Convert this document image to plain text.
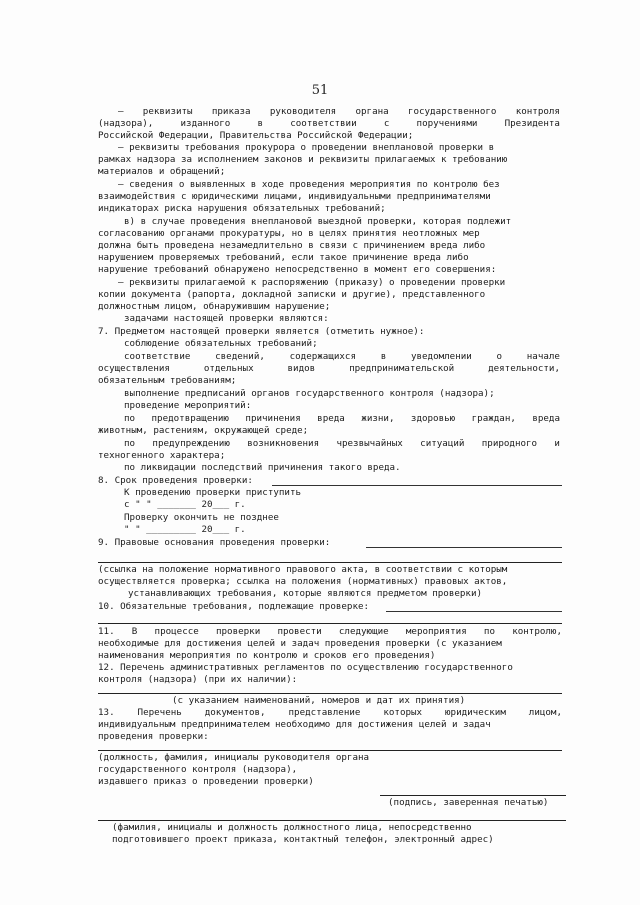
51
– реквизиты приказа руководителя органа государственного контроля
(надзора),	изданного	в	соответствии	с	поручениями	Президента
Российской Федерации, Правительства Российской Федерации;
– реквизиты требования прокурора о проведении внеплановой проверки в
рамках надзора за исполнением законов и реквизиты прилагаемых к требованию
материалов и обращений;
– сведения о выявленных в ходе проведения мероприятия по контролю без
взаимодействия с юридическими лицами, индивидуальными предпринимателями
индикаторах риска нарушения обязательных требований;
в) в случае проведения внеплановой выездной проверки, которая подлежит
согласованию органами прокуратуры, но в целях принятия неотложных мер
должна быть проведена незамедлительно в связи с причинением вреда либо
нарушением проверяемых требований, если такое причинение вреда либо
нарушение требований обнаружено непосредственно в момент его совершения:
– реквизиты прилагаемой к распоряжению (приказу) о проведении проверки
копии документа (рапорта, докладной записки и другие), представленного
должностным лицом, обнаружившим нарушение;
задачами настоящей проверки являются:
7. Предметом настоящей проверки является (отметить нужное):
соблюдение обязательных требований;
соответствие	сведений,	содержащихся	в	уведомлении	о	начале
осуществления	отдельных	видов	предпринимательской	деятельности,
обязательным требованиям;
выполнение предписаний органов государственного контроля (надзора);
проведение мероприятий:
по предотвращению причинения вреда жизни, здоровью граждан, вреда
животным, растениям, окружающей среде;
по предупреждению возникновения чрезвычайных ситуаций природного и
техногенного характера;
по ликвидации последствий причинения такого вреда.
8. Срок проведения проверки:
К проведению проверки приступить
с " " _______ 20___ г.
Проверку окончить не позднее
" " _________ 20___ г.
9. Правовые основания проведения проверки:
(ссылка на положение нормативного правового акта, в соответствии с которым
осуществляется проверка; ссылка на положения (нормативных) правовых актов,
устанавливающих требования, которые являются предметом проверки)
10. Обязательные требования, подлежащие проверке:
11. В процессе проверки провести следующие мероприятия по контролю,
необходимые для достижения целей и задач проведения проверки (с указанием
наименования мероприятия по контролю и сроков его проведения)
12. Перечень административных регламентов по осуществлению государственного
контроля (надзора) (при их наличии):
(с указанием наименований, номеров и дат их принятия)
13. Перечень документов, представление которых юридическим лицом,
индивидуальным предпринимателем необходимо для достижения целей и задач
проведения проверки:
(должность, фамилия, инициалы руководителя органа
государственного контроля (надзора),
издавшего приказ о проведении проверки)
(подпись, заверенная печатью)
(фамилия, инициалы и должность должностного лица, непосредственно
подготовившего проект приказа, контактный телефон, электронный адрес)
